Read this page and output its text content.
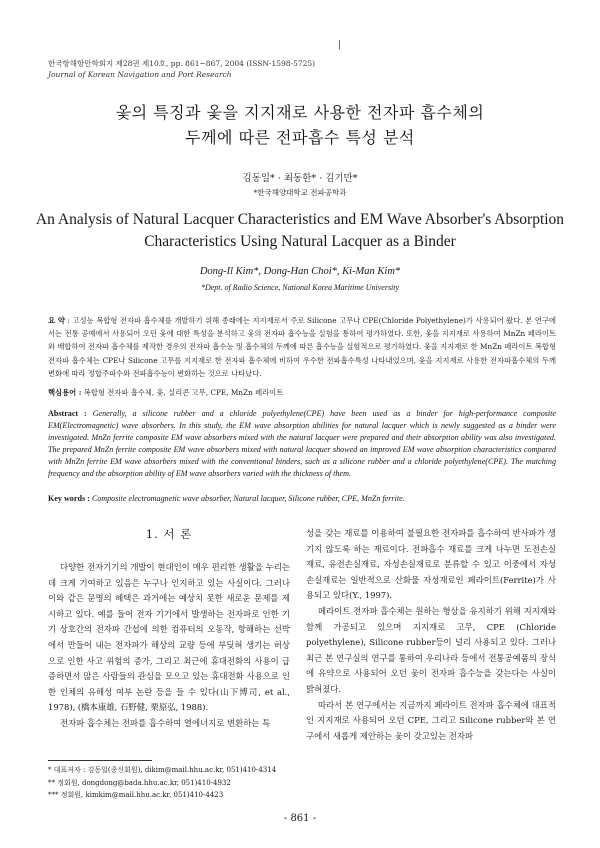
한국항해항만학회지 제28권 제10호, pp. 861~867, 2004 (ISSN-1598-5725)
Journal of Korean Navigation and Port Research
|
옻의 특징과 옻을 지지재로 사용한 전자파 흡수체의
두께에 따른 전파흡수 특성 분석
김동일* · 최동한* · 김기만*
*한국해양대학교 전파공학과
An Analysis of Natural Lacquer Characteristics and EM Wave Absorber's Absorption
Characteristics Using Natural Lacquer as a Binder
Dong-Il Kim*, Dong-Han Choi*, Ki-Man Kim*
*Dept. of Radio Science, National Korea Maritime University
요 약 : 고성능 복합형 전자파 흡수체를 개발하기 위해 종래에는 지지재로서 주로 Silicone 고무나 CPE(Chloride Polyethylene)가 사용되어 왔다. 본 연구에서는 전통 공예에서 사용되어 오던 옻에 대한 특성을 분석하고 옻의 전자파 흡수능을 실험을 통하여 평가하였다. 또한, 옻을 지지재로 사용하여 MnZn 페라이트와 배합하여 전자파 흡수체를 제작한 경우의 전자파 흡수능 및 흡수체의 두께에 따른 흡수능을 실험적으로 평가하였다. 옻을 지지재로 한 MnZn 페라이트 복합형 전자파 흡수체는 CPE나 Silicone 고무를 지지재로 한 전자파 흡수체에 비하여 우수한 전파흡수특성 나타내었으며, 옻을 지지재로 사용한 전자파흡수체의 두께 변화에 따라 정합주파수와 전파흡수능이 변화하는 것으로 나타났다.
핵심용어 : 복합형 전자파 흡수체, 옻, 실리콘 고무, CPE, MnZn 페라이트
Abstract : Generally, a silicone rubber and a chloride polyethylene(CPE) have been used as a binder for high-performance composite EM(Electromagnetic) wave absorbers. In this study, the EM wave absorption abilities for natural lacquer which is newly suggested as a binder were investigated. MnZn ferrite composite EM wave absorbers mixed with the natural lacquer were prepared and their absorption ability was also investigated. The prepared MnZn ferrite composite EM wave absorbers mixed with natural lacquer showed an improved EM wave absorption characteristics compared with MnZn ferrite EM wave absorbers mixed with the conventional binders, such as a silicone rubber and a chloride polyethylene(CPE). The matching frequency and the absorption ability of EM wave absorbers varied with the thickness of them.
Key words : Composite electromagnetic wave absorber, Natural lacquer, Silicone rubber, CPE, MnZn ferrite.
1. 서 론
다양한 전자기기의 개발이 현대인이 매우 편리한 생활을 누리는데 크게 기여하고 있음은 누구나 인지하고 있는 사실이다. 그러나 이와 같은 문명의 혜택은 과거에는 예상치 못한 새로운 문제를 제시하고 있다. 예를 들어 전자 기기에서 발생하는 전자파로 인한 기기 상호간의 전자파 간섭에 의한 컴퓨터의 오동작, 항해하는 선박에서 만들어 내는 전자파가 해상의 교량 등에 부딪혀 생기는 허상으로 인한 사고 위험의 증가, 그리고 최근에 휴대전화의 사용이 급증하면서 많은 사람들의 관심을 모으고 있는 휴대전화 사용으로 인한 인체의 유해성 여부 논란 등을 들 수 있다(山下博司, et al., 1978), (橋本康雄, 石野健, 栗原弘, 1988).
전자파 흡수체는 전파를 흡수하여 열에너지로 변환하는 특
성을 갖는 재료를 이용하여 불필요한 전자파를 흡수하여 반사파가 생기지 않도록 하는 재료이다. 전파흡수 재료를 크게 나누면 도전손실재료, 유전손실재료, 자성손실재료로 분류할 수 있고 이중에서 자성손실재료는 일반적으로 산화물 자성재료인 페라이트(Ferrite)가 사용되고 있다(Y., 1997).
페라이트 전자파 흡수체는 원하는 형상을 유지하기 위해 지지재와 함께 가공되고 있으며 지지재로 고무, CPE (Chloride polyethylene), Silicone rubber등이 널리 사용되고 있다. 그러나 최근 본 연구실의 연구를 통하여 우리나라 등에서 전통공예품의 장식에 유약으로 사용되어 오던 옻이 전자파 흡수능을 갖는다는 사실이 밝혀졌다.
따라서 본 연구에서는 지금까지 페라이트 전자파 흡수체에 대표적인 지지재로 사용되어 오던 CPE, 그리고 Silicone rubber와 본 연구에서 새롭게 제안하는 옻이 갖고있는 전자파
* 대표저자 : 김동일(종신회원), dikim@mail.hhu.ac.kr, 051)410-4314
** 정회원, dongdong@bada.hhu.ac.kr, 051)410-4932
*** 정회원, kimkim@mail.hhu.ac.kr, 051)410-4423
- 861 -
